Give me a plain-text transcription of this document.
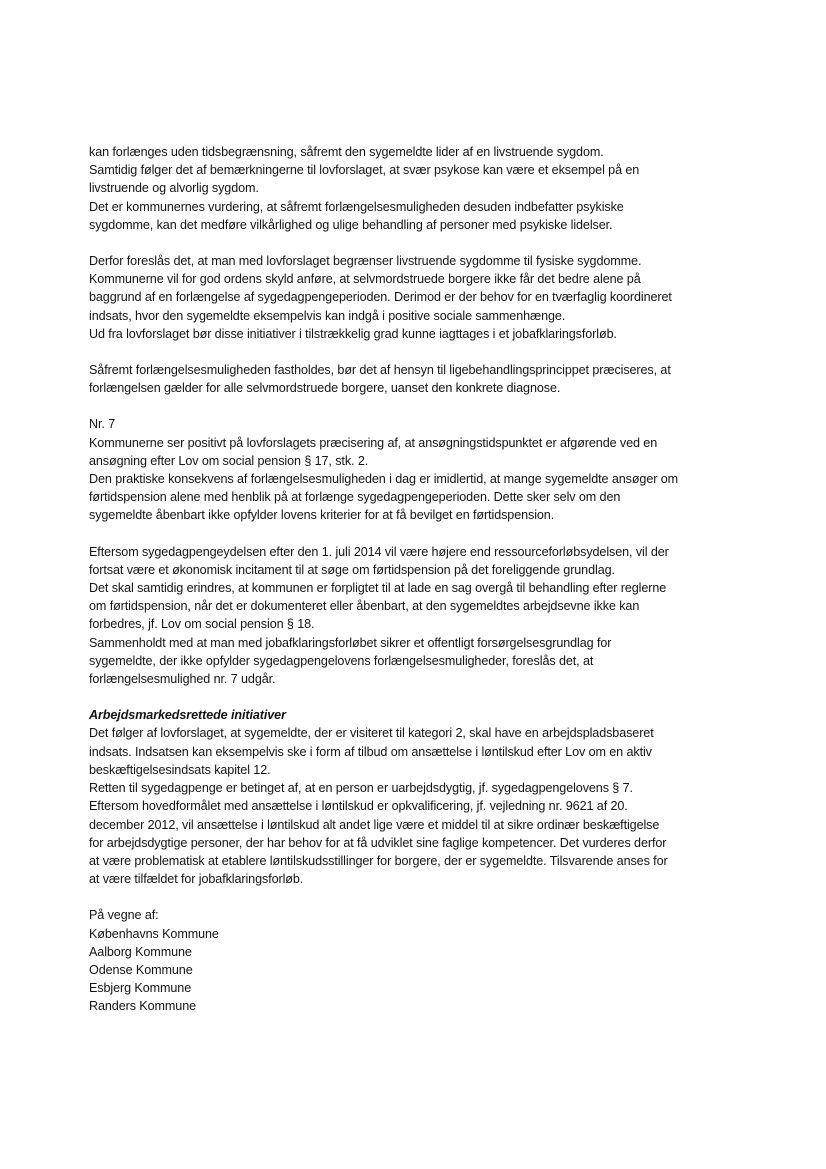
kan forlænges uden tidsbegrænsning, såfremt den sygemeldte lider af en livstruende sygdom.
Samtidig følger det af bemærkningerne til lovforslaget, at svær psykose kan være et eksempel på en
livstruende og alvorlig sygdom.
Det er kommunernes vurdering, at såfremt forlængelsesmuligheden desuden indbefatter psykiske
sygdomme, kan det medføre vilkårlighed og ulige behandling af personer med psykiske lidelser.
Derfor foreslås det, at man med lovforslaget begrænser livstruende sygdomme til fysiske sygdomme.
Kommunerne vil for god ordens skyld anføre, at selvmordstruede borgere ikke får det bedre alene på
baggrund af en forlængelse af sygedagpengeperioden. Derimod er der behov for en tværfaglig koordineret
indsats, hvor den sygemeldte eksempelvis kan indgå i positive sociale sammenhænge.
Ud fra lovforslaget bør disse initiativer i tilstrækkelig grad kunne iagttages i et jobafklaringsforløb.
Såfremt forlængelsesmuligheden fastholdes, bør det af hensyn til ligebehandlingsprincippet præciseres, at
forlængelsen gælder for alle selvmordstruede borgere, uanset den konkrete diagnose.
Nr. 7
Kommunerne ser positivt på lovforslagets præcisering af, at ansøgningstidspunktet er afgørende ved en
ansøgning efter Lov om social pension § 17, stk. 2.
Den praktiske konsekvens af forlængelsesmuligheden i dag er imidlertid, at mange sygemeldte ansøger om
førtidspension alene med henblik på at forlænge sygedagpengeperioden. Dette sker selv om den
sygemeldte åbenbart ikke opfylder lovens kriterier for at få bevilget en førtidspension.
Eftersom sygedagpengeydelsen efter den 1. juli 2014 vil være højere end ressourceforløbsydelsen, vil der
fortsat være et økonomisk incitament til at søge om førtidspension på det foreliggende grundlag.
Det skal samtidig erindres, at kommunen er forpligtet til at lade en sag overgå til behandling efter reglerne
om førtidspension, når det er dokumenteret eller åbenbart, at den sygemeldtes arbejdsevne ikke kan
forbedres, jf. Lov om social pension § 18.
Sammenholdt med at man med jobafklaringsforløbet sikrer et offentligt forsørgelsesgrundlag for
sygemeldte, der ikke opfylder sygedagpengelovens forlængelsesmuligheder, foreslås det, at
forlængelsesmulighed nr. 7 udgår.
Arbejdsmarkedsrettede initiativer
Det følger af lovforslaget, at sygemeldte, der er visiteret til kategori 2, skal have en arbejdspladsbaseret
indsats. Indsatsen kan eksempelvis ske i form af tilbud om ansættelse i løntilskud efter Lov om en aktiv
beskæftigelsesindsats kapitel 12.
Retten til sygedagpenge er betinget af, at en person er uarbejdsdygtig, jf. sygedagpengelovens § 7.
Eftersom hovedformålet med ansættelse i løntilskud er opkvalificering, jf. vejledning nr. 9621 af 20.
december 2012, vil ansættelse i løntilskud alt andet lige være et middel til at sikre ordinær beskæftigelse
for arbejdsdygtige personer, der har behov for at få udviklet sine faglige kompetencer. Det vurderes derfor
at være problematisk at etablere løntilskudsstillinger for borgere, der er sygemeldte. Tilsvarende anses for
at være tilfældet for jobafklaringsforløb.
På vegne af:
Københavns Kommune
Aalborg Kommune
Odense Kommune
Esbjerg Kommune
Randers Kommune
